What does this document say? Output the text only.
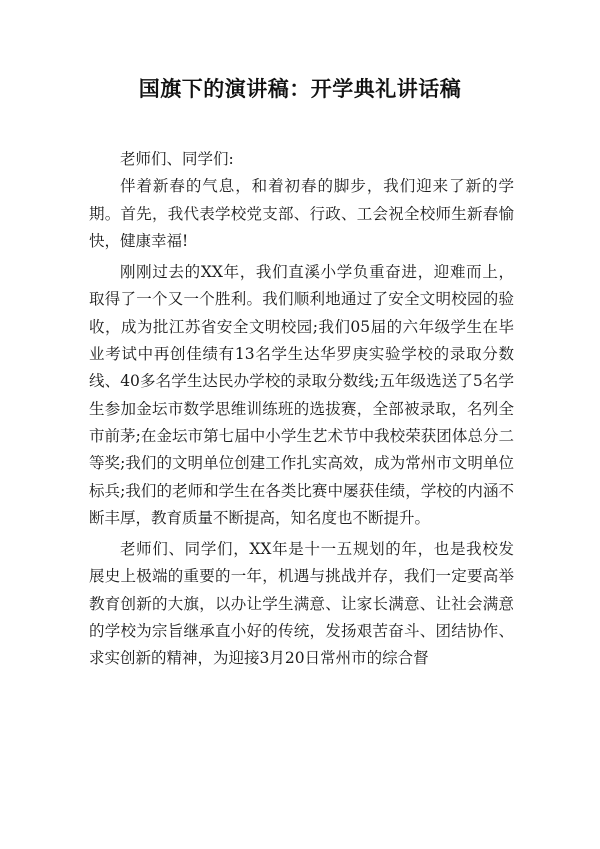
国旗下的演讲稿：开学典礼讲话稿

老师们、同学们:

伴着新春的气息，和着初春的脚步，我们迎来了新的学期。首先，我代表学校党支部、行政、工会祝全校师生新春愉快，健康幸福!

刚刚过去的XX年，我们直溪小学负重奋进，迎难而上，取得了一个又一个胜利。我们顺利地通过了安全文明校园的验收，成为批江苏省安全文明校园;我们05届的六年级学生在毕业考试中再创佳绩有13名学生达华罗庚实验学校的录取分数线、40多名学生达民办学校的录取分数线;五年级选送了5名学生参加金坛市数学思维训练班的选拔赛，全部被录取，名列全市前茅;在金坛市第七届中小学生艺术节中我校荣获团体总分二等奖;我们的文明单位创建工作扎实高效，成为常州市文明单位标兵;我们的老师和学生在各类比赛中屡获佳绩，学校的内涵不断丰厚，教育质量不断提高，知名度也不断提升。

老师们、同学们，XX年是十一五规划的年，也是我校发展史上极端的重要的一年，机遇与挑战并存，我们一定要高举教育创新的大旗，以办让学生满意、让家长满意、让社会满意的学校为宗旨继承直小好的传统，发扬艰苦奋斗、团结协作、求实创新的精神，为迎接3月20日常州市的综合督
